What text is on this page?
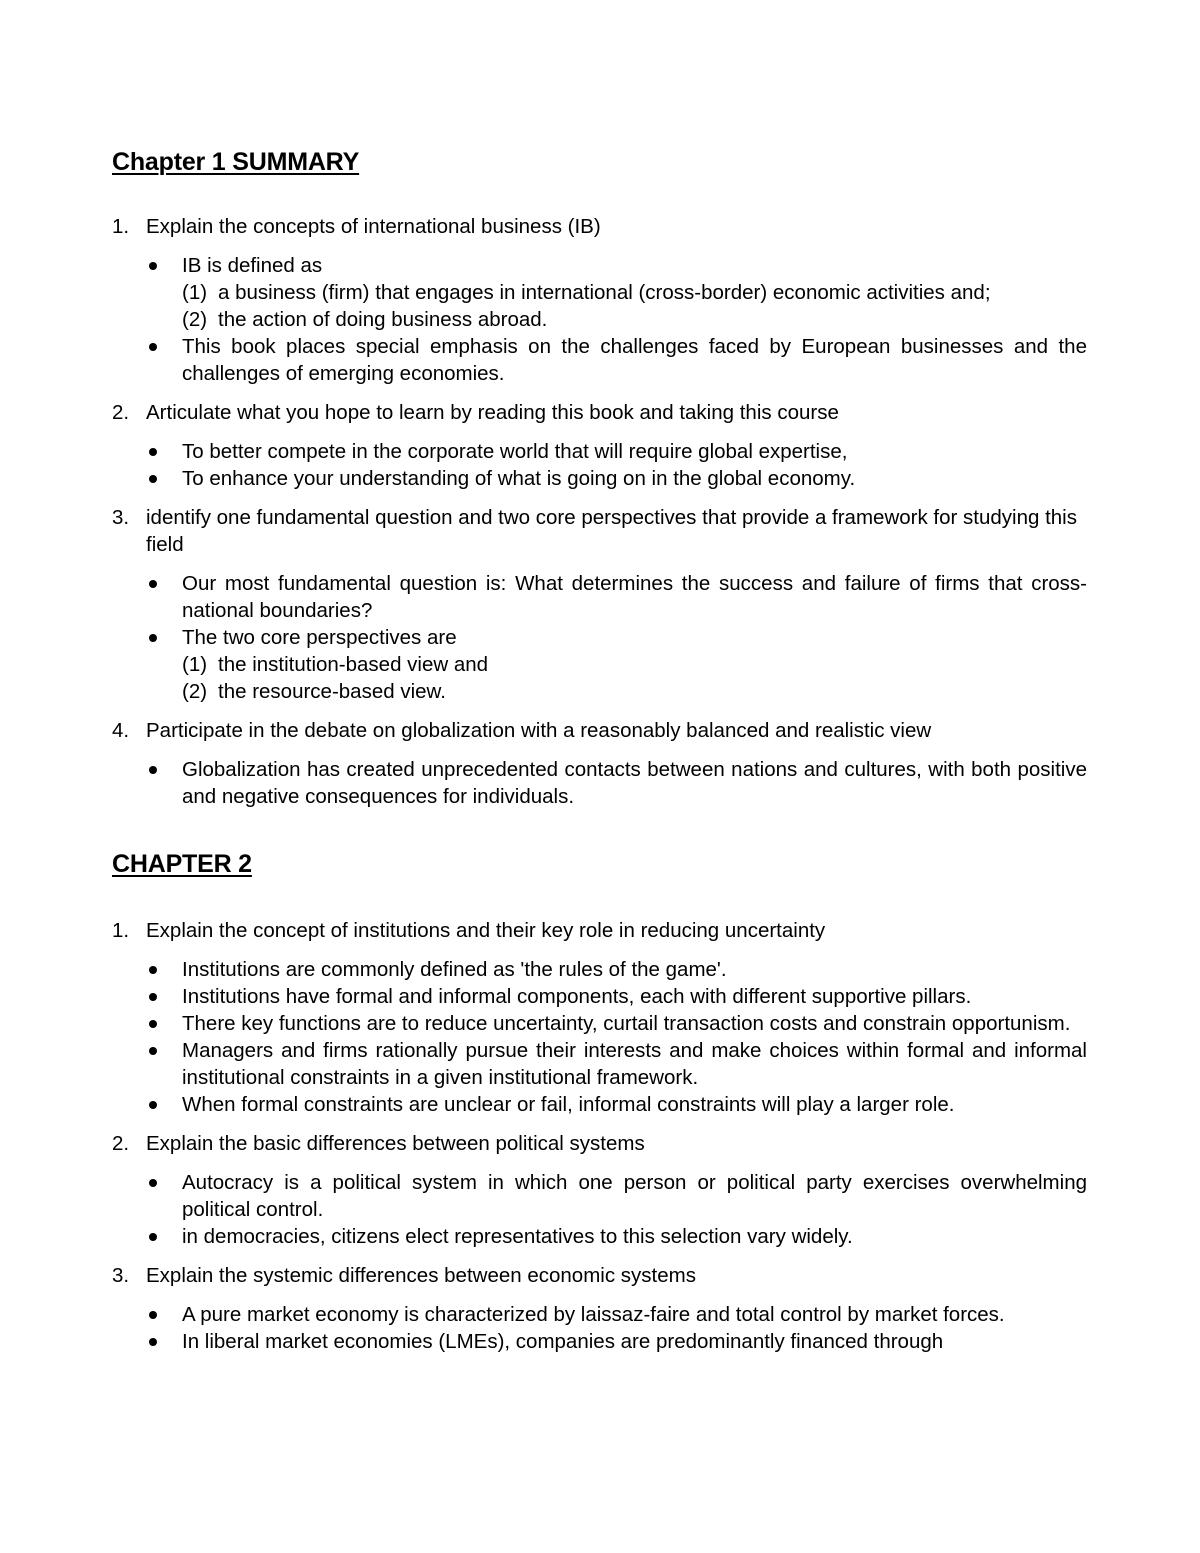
Chapter 1 SUMMARY
1. Explain the concepts of international business (IB)
IB is defined as
(1) a business (firm) that engages in international (cross-border) economic activities and;
(2) the action of doing business abroad.
This book places special emphasis on the challenges faced by European businesses and the challenges of emerging economies.
2. Articulate what you hope to learn by reading this book and taking this course
To better compete in the corporate world that will require global expertise,
To enhance your understanding of what is going on in the global economy.
3. identify one fundamental question and two core perspectives that provide a framework for studying this field
Our most fundamental question is: What determines the success and failure of firms that cross-national boundaries?
The two core perspectives are
(1) the institution-based view and
(2) the resource-based view.
4. Participate in the debate on globalization with a reasonably balanced and realistic view
Globalization has created unprecedented contacts between nations and cultures, with both positive and negative consequences for individuals.
CHAPTER 2
1. Explain the concept of institutions and their key role in reducing uncertainty
Institutions are commonly defined as 'the rules of the game'.
Institutions have formal and informal components, each with different supportive pillars.
There key functions are to reduce uncertainty, curtail transaction costs and constrain opportunism.
Managers and firms rationally pursue their interests and make choices within formal and informal institutional constraints in a given institutional framework.
When formal constraints are unclear or fail, informal constraints will play a larger role.
2. Explain the basic differences between political systems
Autocracy is a political system in which one person or political party exercises overwhelming political control.
in democracies, citizens elect representatives to this selection vary widely.
3. Explain the systemic differences between economic systems
A pure market economy is characterized by laissaz-faire and total control by market forces.
In liberal market economies (LMEs), companies are predominantly financed through
